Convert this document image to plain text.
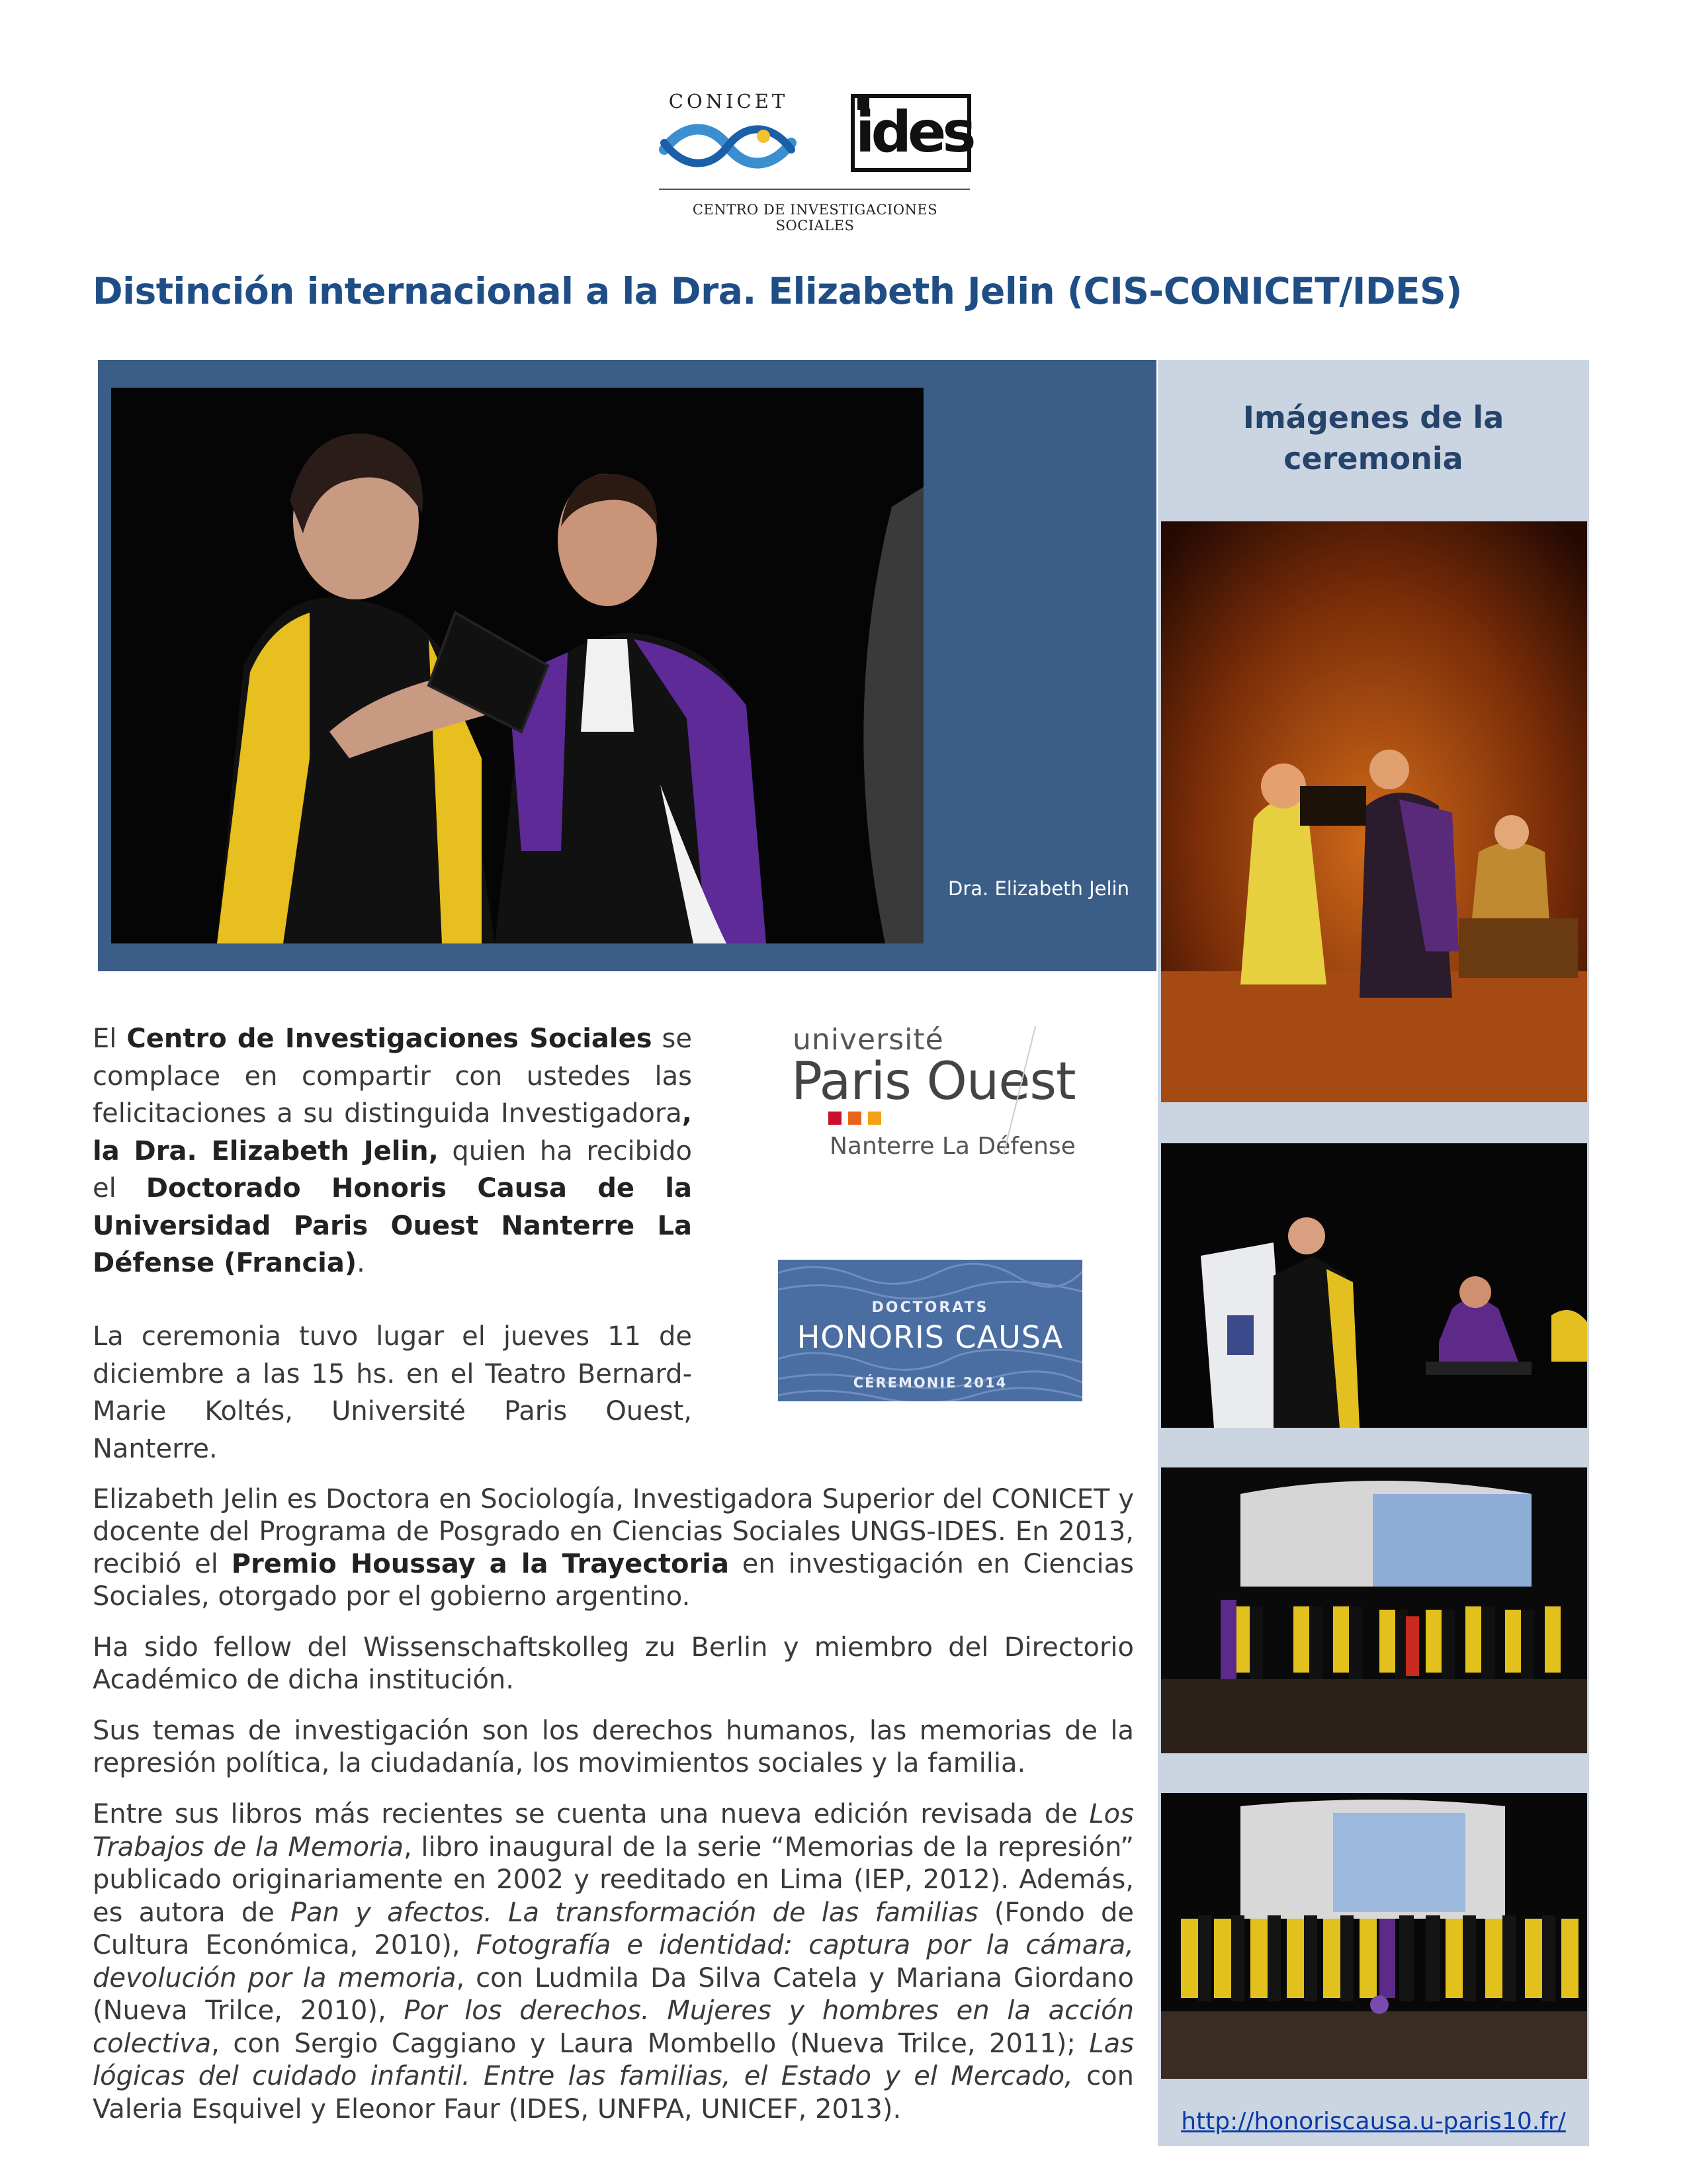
CONICET ides
CENTRO DE INVESTIGACIONES SOCIALES
Distinción internacional a la Dra. Elizabeth Jelin (CIS-CONICET/IDES)
Dra. Elizabeth Jelin
Imágenes de la ceremonia
http://honoriscausa.u-paris10.fr/
université
Paris Ouest
Nanterre La Défense
DOCTORATS
HONORIS CAUSA
CÉREMONIE 2014
El Centro de Investigaciones Sociales se complace en compartir con ustedes las felicitaciones a su distinguida Investigadora, la Dra. Elizabeth Jelin, quien ha recibido el Doctorado Honoris Causa de la Universidad Paris Ouest Nanterre La Défense (Francia).
La ceremonia tuvo lugar el jueves 11 de diciembre a las 15 hs. en el Teatro Bernard-Marie Koltés, Université Paris Ouest, Nanterre.
Elizabeth Jelin es Doctora en Sociología, Investigadora Superior del CONICET y docente del Programa de Posgrado en Ciencias Sociales UNGS-IDES. En 2013, recibió el Premio Houssay a la Trayectoria en investigación en Ciencias Sociales, otorgado por el gobierno argentino.
Ha sido fellow del Wissenschaftskolleg zu Berlin y miembro del Directorio Académico de dicha institución.
Sus temas de investigación son los derechos humanos, las memorias de la represión política, la ciudadanía, los movimientos sociales y la familia.
Entre sus libros más recientes se cuenta una nueva edición revisada de Los Trabajos de la Memoria, libro inaugural de la serie “Memorias de la represión” publicado originariamente en 2002 y reeditado en Lima (IEP, 2012). Además, es autora de Pan y afectos. La transformación de las familias (Fondo de Cultura Económica, 2010), Fotografía e identidad: captura por la cámara, devolución por la memoria, con Ludmila Da Silva Catela y Mariana Giordano (Nueva Trilce, 2010), Por los derechos. Mujeres y hombres en la acción colectiva, con Sergio Caggiano y Laura Mombello (Nueva Trilce, 2011); Las lógicas del cuidado infantil. Entre las familias, el Estado y el Mercado, con Valeria Esquivel y Eleonor Faur (IDES, UNFPA, UNICEF, 2013).
